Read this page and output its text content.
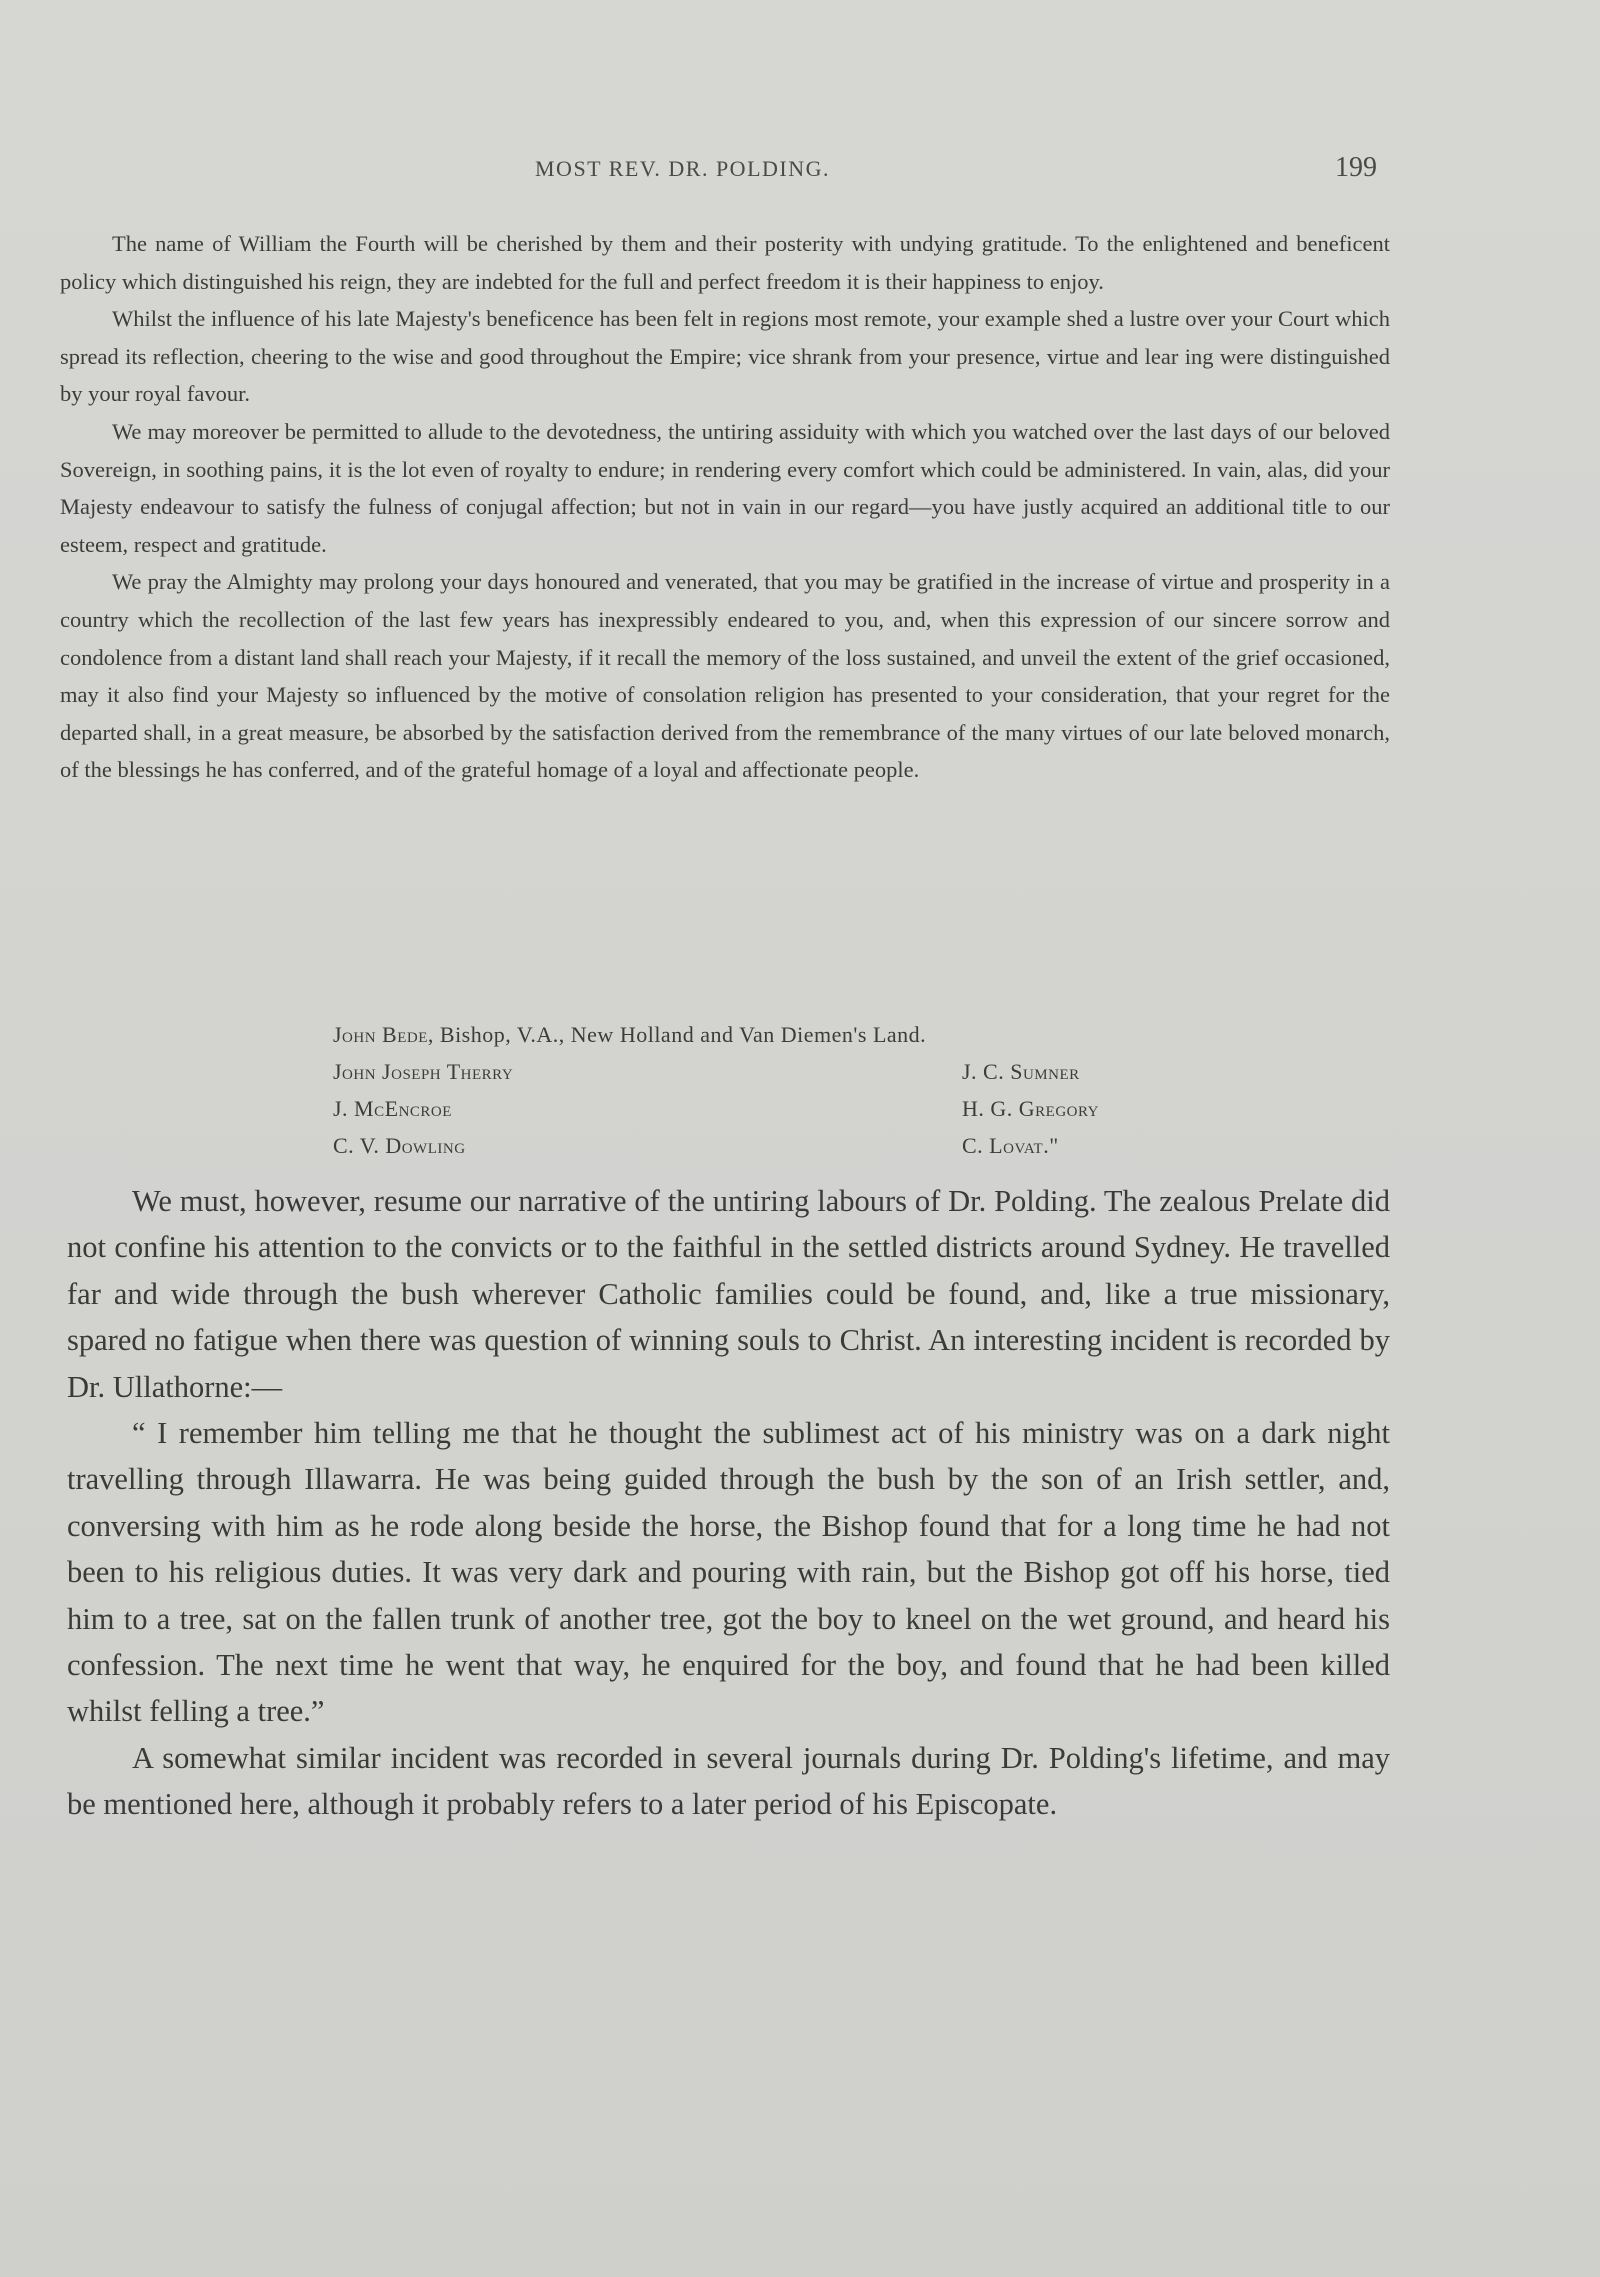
MOST REV. DR. POLDING.	199

The name of William the Fourth will be cherished by them and their posterity with undying gratitude. To the enlightened and beneficent policy which distinguished his reign, they are indebted for the full and perfect freedom it is their happiness to enjoy.

Whilst the influence of his late Majesty's beneficence has been felt in regions most remote, your example shed a lustre over your Court which spread its reflection, cheering to the wise and good throughout the Empire; vice shrank from your presence, virtue and lear ing were distinguished by your royal favour.

We may moreover be permitted to allude to the devotedness, the untiring assiduity with which you watched over the last days of our beloved Sovereign, in soothing pains, it is the lot even of royalty to endure; in rendering every comfort which could be administered. In vain, alas, did your Majesty endeavour to satisfy the fulness of conjugal affection; but not in vain in our regard—you have justly acquired an additional title to our esteem, respect and gratitude.

We pray the Almighty may prolong your days honoured and venerated, that you may be gratified in the increase of virtue and prosperity in a country which the recollection of the last few years has inexpressibly endeared to you, and, when this expression of our sincere sorrow and condolence from a distant land shall reach your Majesty, if it recall the memory of the loss sustained, and unveil the extent of the grief occasioned, may it also find your Majesty so influenced by the motive of consolation religion has presented to your consideration, that your regret for the departed shall, in a great measure, be absorbed by the satisfaction derived from the remembrance of the many virtues of our late beloved monarch, of the blessings he has conferred, and of the grateful homage of a loyal and affectionate people.

John Bede, Bishop, V.A., New Holland and Van Diemen's Land.
John Joseph Therry
J. McEncroe
C. V. Dowling
J. C. Sumner
H. G. Gregory
C. Lovat."

We must, however, resume our narrative of the untiring labours of Dr. Polding. The zealous Prelate did not confine his attention to the convicts or to the faithful in the settled districts around Sydney. He travelled far and wide through the bush wherever Catholic families could be found, and, like a true missionary, spared no fatigue when there was question of winning souls to Christ. An interesting incident is recorded by Dr. Ullathorne:—

“ I remember him telling me that he thought the sublimest act of his ministry was on a dark night travelling through Illawarra. He was being guided through the bush by the son of an Irish settler, and, conversing with him as he rode along beside the horse, the Bishop found that for a long time he had not been to his religious duties. It was very dark and pouring with rain, but the Bishop got off his horse, tied him to a tree, sat on the fallen trunk of another tree, got the boy to kneel on the wet ground, and heard his confession. The next time he went that way, he enquired for the boy, and found that he had been killed whilst felling a tree.”

A somewhat similar incident was recorded in several journals during Dr. Polding's lifetime, and may be mentioned here, although it probably refers to a later period of his Episcopate.
